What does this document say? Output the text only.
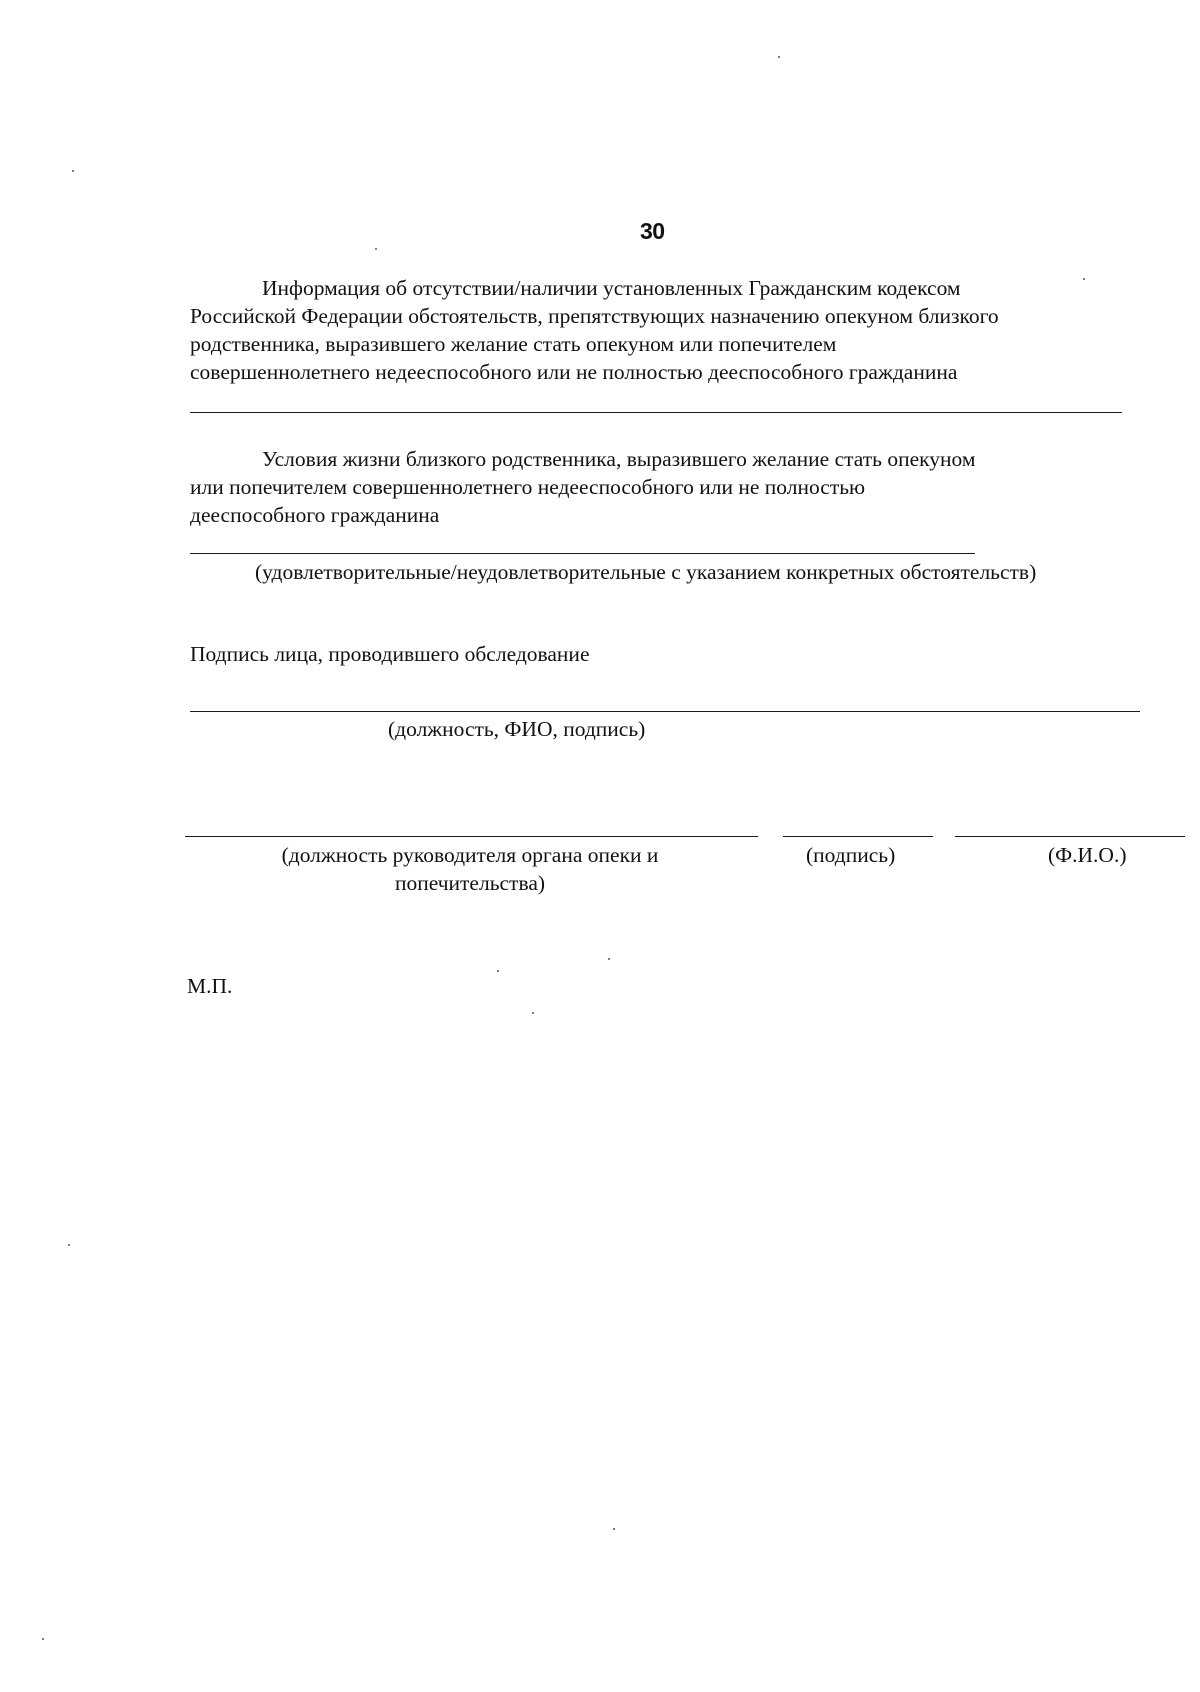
30
Информация об отсутствии/наличии установленных Гражданским кодексом
Российской Федерации обстоятельств, препятствующих назначению опекуном близкого
родственника, выразившего желание стать опекуном или попечителем
совершеннолетнего недееспособного или не полностью дееспособного гражданина
Условия жизни близкого родственника, выразившего желание стать опекуном
или попечителем совершеннолетнего недееспособного или не полностью
дееспособного гражданина
(удовлетворительные/неудовлетворительные с указанием конкретных обстоятельств)
Подпись лица, проводившего обследование
(должность, ФИО, подпись)
(должность руководителя органа опеки и
попечительства)
(подпись)	(Ф.И.О.)
М.П.
